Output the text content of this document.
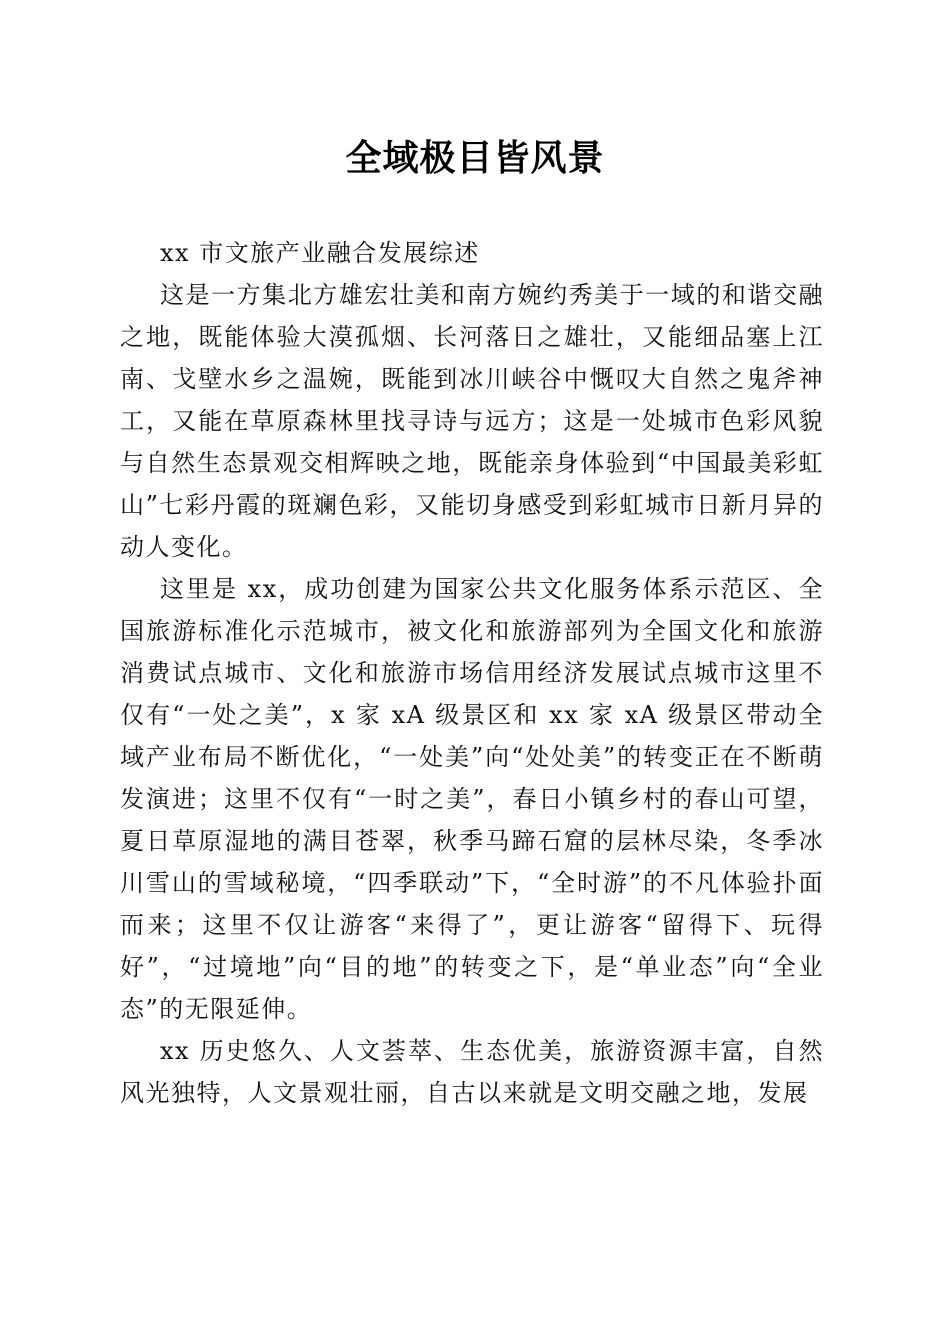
全域极目皆风景

xx 市文旅产业融合发展综述

这是一方集北方雄宏壮美和南方婉约秀美于一域的和谐交融之地，既能体验大漠孤烟、长河落日之雄壮，又能细品塞上江南、戈壁水乡之温婉，既能到冰川峡谷中慨叹大自然之鬼斧神工，又能在草原森林里找寻诗与远方；这是一处城市色彩风貌与自然生态景观交相辉映之地，既能亲身体验到“中国最美彩虹山”七彩丹霞的斑斓色彩，又能切身感受到彩虹城市日新月异的动人变化。

这里是 xx，成功创建为国家公共文化服务体系示范区、全国旅游标准化示范城市，被文化和旅游部列为全国文化和旅游消费试点城市、文化和旅游市场信用经济发展试点城市这里不仅有“一处之美”，x 家 xA 级景区和 xx 家 xA 级景区带动全域产业布局不断优化，“一处美”向“处处美”的转变正在不断萌发演进；这里不仅有“一时之美”，春日小镇乡村的春山可望，夏日草原湿地的满目苍翠，秋季马蹄石窟的层林尽染，冬季冰川雪山的雪域秘境，“四季联动”下，“全时游”的不凡体验扑面而来；这里不仅让游客“来得了”，更让游客“留得下、玩得好”，“过境地”向“目的地”的转变之下，是“单业态”向“全业态”的无限延伸。

xx 历史悠久、人文荟萃、生态优美，旅游资源丰富，自然风光独特，人文景观壮丽，自古以来就是文明交融之地，发展
